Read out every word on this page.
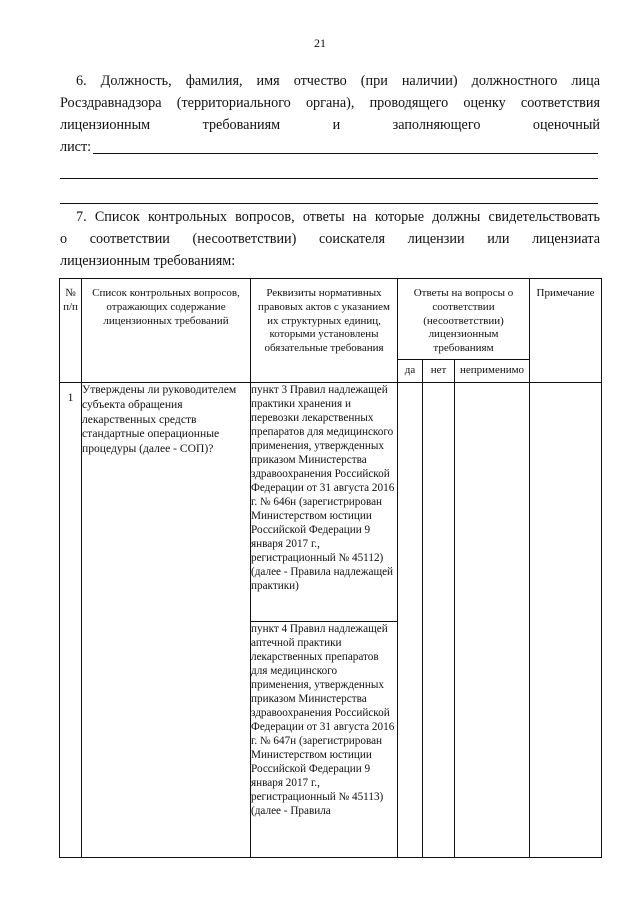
21
6. Должность, фамилия, имя отчество (при наличии) должностного лица
Росздравнадзора (территориального органа), проводящего оценку соответствия
лицензионным	требованиям	и	заполняющего	оценочный
лист:
7. Список контрольных вопросов, ответы на которые должны свидетельствовать
о соответствии (несоответствии) соискателя лицензии или лицензиата
лицензионным требованиям:
№ п/п	Список контрольных вопросов, отражающих содержание лицензионных требований	Реквизиты нормативных правовых актов с указанием их структурных единиц, которыми установлены обязательные требования	Ответы на вопросы о соответствии (несоответствии) лицензионным требованиям			Примечание
			да	нет	неприменимо	
1	Утверждены ли руководителем субъекта обращения лекарственных средств стандартные операционные процедуры (далее - СОП)?	пункт 3 Правил надлежащей практики хранения и перевозки лекарственных препаратов для медицинского применения, утвержденных приказом Министерства здравоохранения Российской Федерации от 31 августа 2016 г. № 646н (зарегистрирован Министерством юстиции Российской Федерации 9 января 2017 г., регистрационный № 45112) (далее - Правила надлежащей практики)				
		пункт 4 Правил надлежащей аптечной практики лекарственных препаратов для медицинского применения, утвержденных приказом Министерства здравоохранения Российской Федерации от 31 августа 2016 г. № 647н (зарегистрирован Министерством юстиции Российской Федерации 9 января 2017 г., регистрационный № 45113) (далее - Правила				
